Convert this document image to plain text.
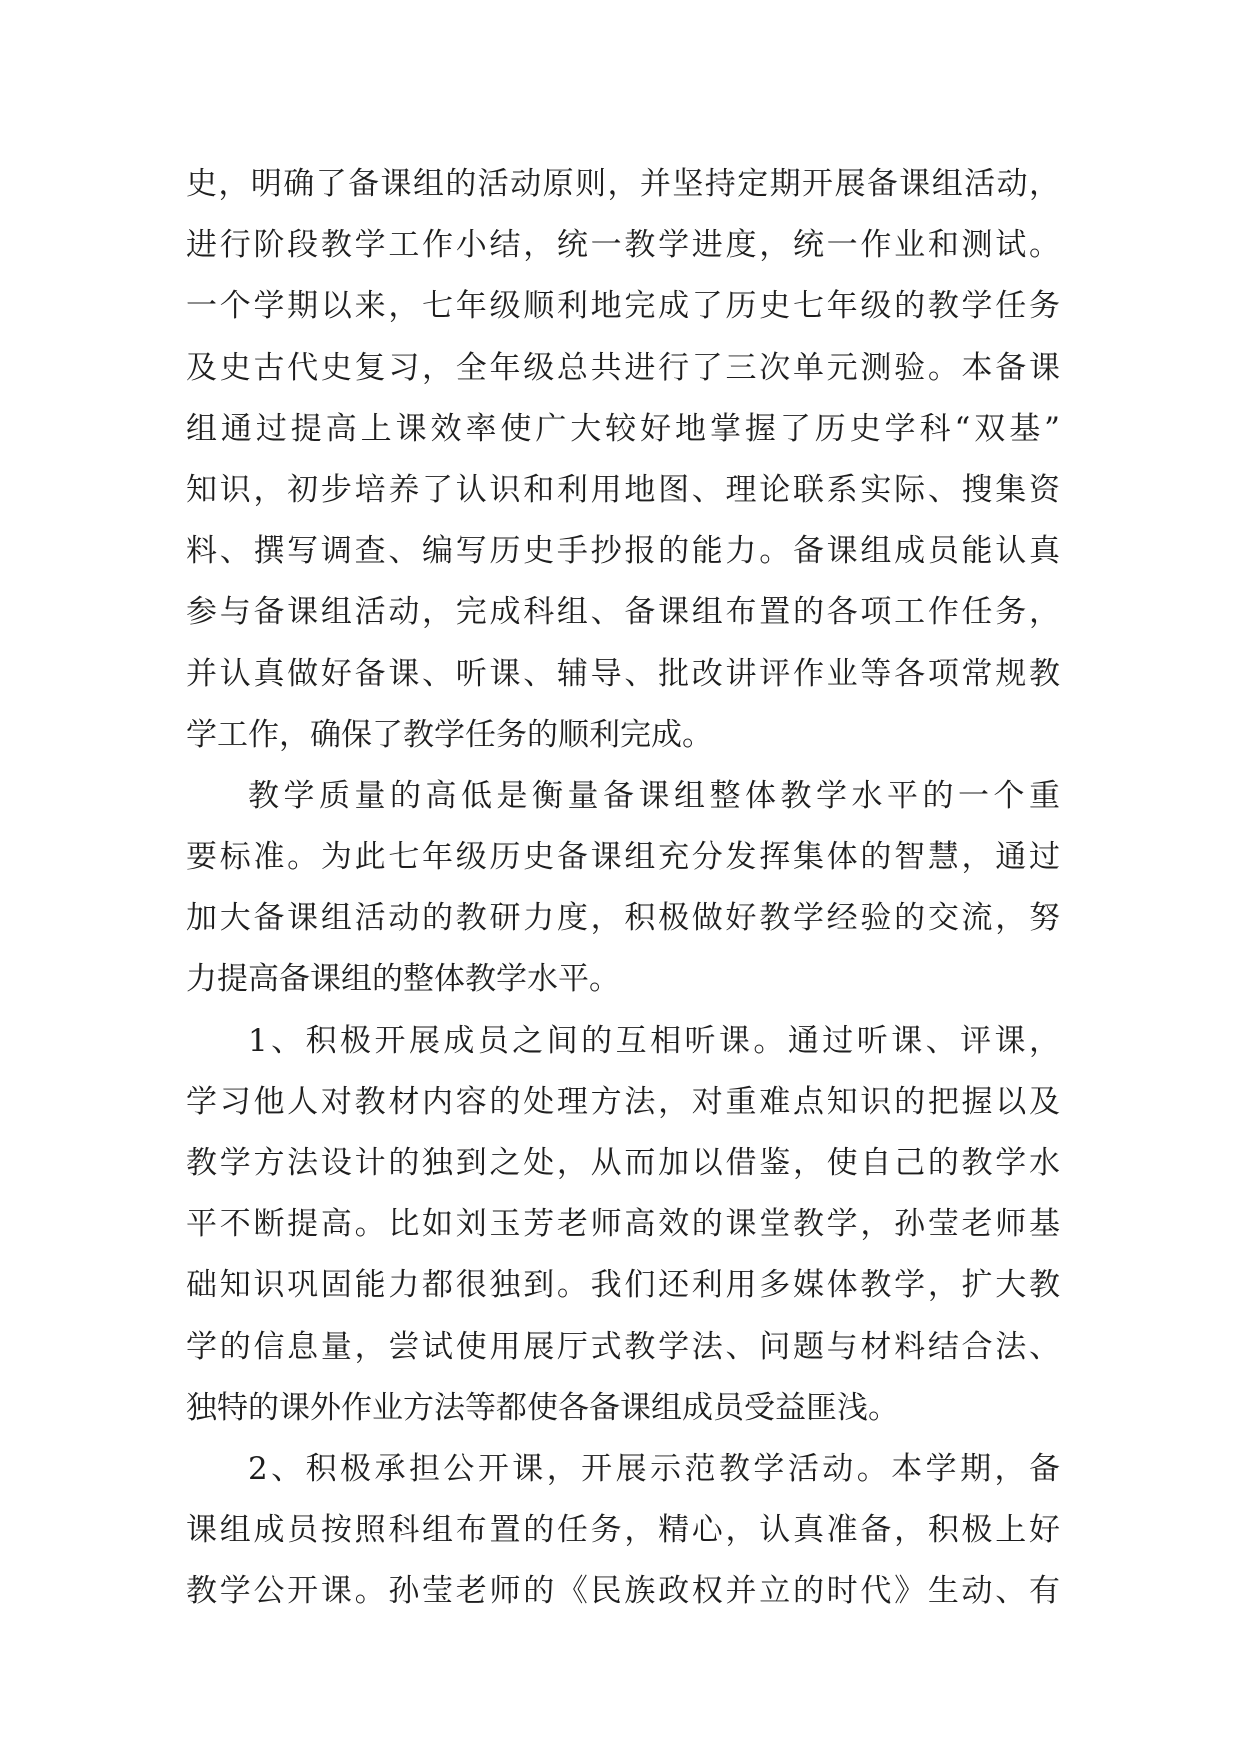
史，明确了备课组的活动原则，并坚持定期开展备课组活动，
进行阶段教学工作小结，统一教学进度，统一作业和测试。
一个学期以来，七年级顺利地完成了历史七年级的教学任务
及史古代史复习，全年级总共进行了三次单元测验。本备课
组通过提高上课效率使广大较好地掌握了历史学科“双基”
知识，初步培养了认识和利用地图、理论联系实际、搜集资
料、撰写调查、编写历史手抄报的能力。备课组成员能认真
参与备课组活动，完成科组、备课组布置的各项工作任务，
并认真做好备课、听课、辅导、批改讲评作业等各项常规教
学工作，确保了教学任务的顺利完成。
教学质量的高低是衡量备课组整体教学水平的一个重
要标准。为此七年级历史备课组充分发挥集体的智慧，通过
加大备课组活动的教研力度，积极做好教学经验的交流，努
力提高备课组的整体教学水平。
1、积极开展成员之间的互相听课。通过听课、评课，
学习他人对教材内容的处理方法，对重难点知识的把握以及
教学方法设计的独到之处，从而加以借鉴，使自己的教学水
平不断提高。比如刘玉芳老师高效的课堂教学，孙莹老师基
础知识巩固能力都很独到。我们还利用多媒体教学，扩大教
学的信息量，尝试使用展厅式教学法、问题与材料结合法、
独特的课外作业方法等都使各备课组成员受益匪浅。
2、积极承担公开课，开展示范教学活动。本学期，备
课组成员按照科组布置的任务，精心，认真准备，积极上好
教学公开课。孙莹老师的《民族政权并立的时代》生动、有
